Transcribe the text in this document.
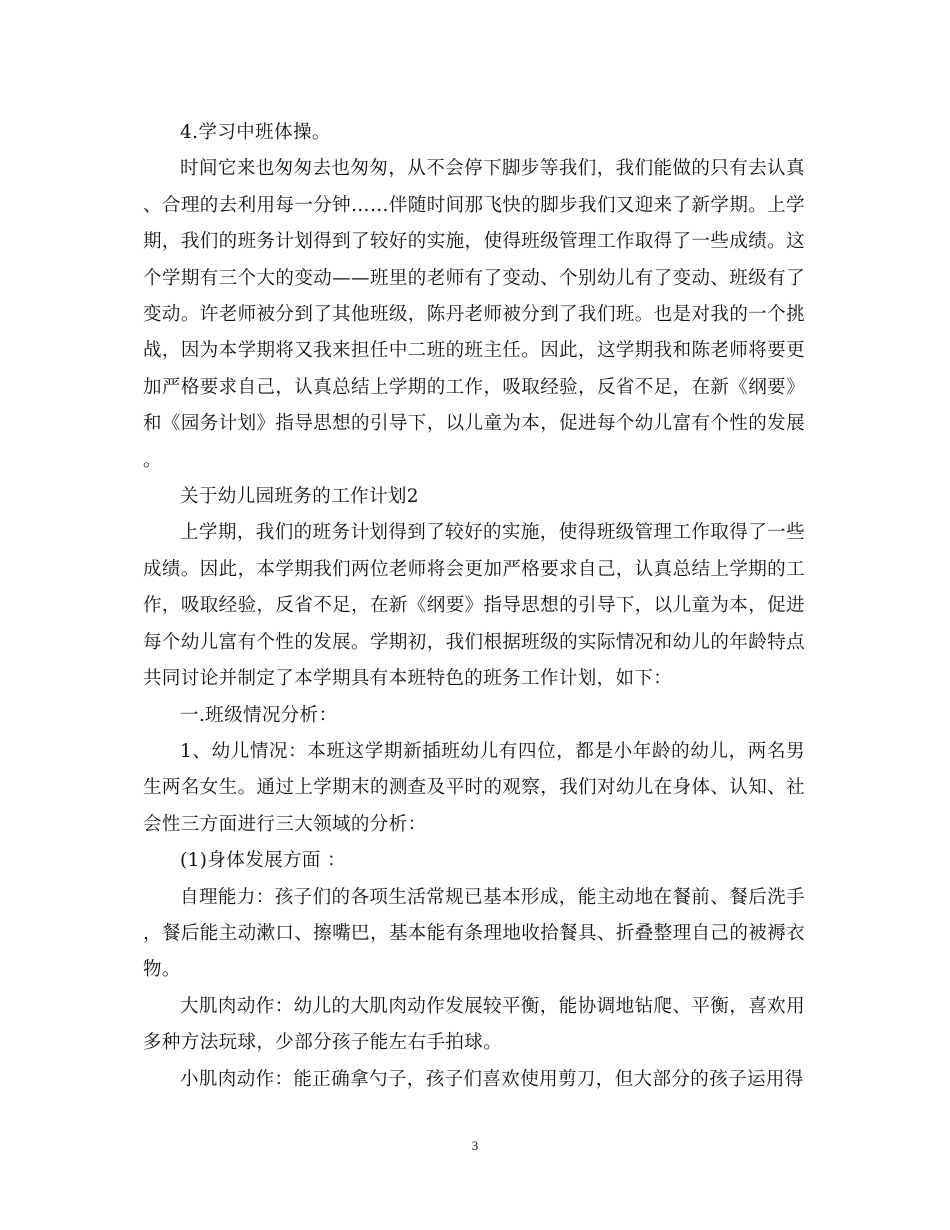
4.学习中班体操。

时间它来也匆匆去也匆匆，从不会停下脚步等我们，我们能做的只有去认真、合理的去利用每一分钟……伴随时间那飞快的脚步我们又迎来了新学期。上学期，我们的班务计划得到了较好的实施，使得班级管理工作取得了一些成绩。这个学期有三个大的变动——班里的老师有了变动、个别幼儿有了变动、班级有了变动。许老师被分到了其他班级，陈丹老师被分到了我们班。也是对我的一个挑战，因为本学期将又我来担任中二班的班主任。因此，这学期我和陈老师将要更加严格要求自己，认真总结上学期的工作，吸取经验，反省不足，在新《纲要》和《园务计划》指导思想的引导下，以儿童为本，促进每个幼儿富有个性的发展。

关于幼儿园班务的工作计划2

上学期，我们的班务计划得到了较好的实施，使得班级管理工作取得了一些成绩。因此，本学期我们两位老师将会更加严格要求自己，认真总结上学期的工作，吸取经验，反省不足，在新《纲要》指导思想的引导下，以儿童为本，促进每个幼儿富有个性的发展。学期初，我们根据班级的实际情况和幼儿的年龄特点共同讨论并制定了本学期具有本班特色的班务工作计划，如下：

一.班级情况分析：

1、幼儿情况：本班这学期新插班幼儿有四位，都是小年龄的幼儿，两名男生两名女生。通过上学期末的测查及平时的观察，我们对幼儿在身体、认知、社会性三方面进行三大领域的分析：

(1)身体发展方面 ：

自理能力：孩子们的各项生活常规已基本形成，能主动地在餐前、餐后洗手，餐后能主动漱口、擦嘴巴，基本能有条理地收拾餐具、折叠整理自己的被褥衣物。

大肌肉动作：幼儿的大肌肉动作发展较平衡，能协调地钻爬、平衡，喜欢用多种方法玩球，少部分孩子能左右手拍球。

小肌肉动作：能正确拿勺子，孩子们喜欢使用剪刀，但大部分的孩子运用得

3
